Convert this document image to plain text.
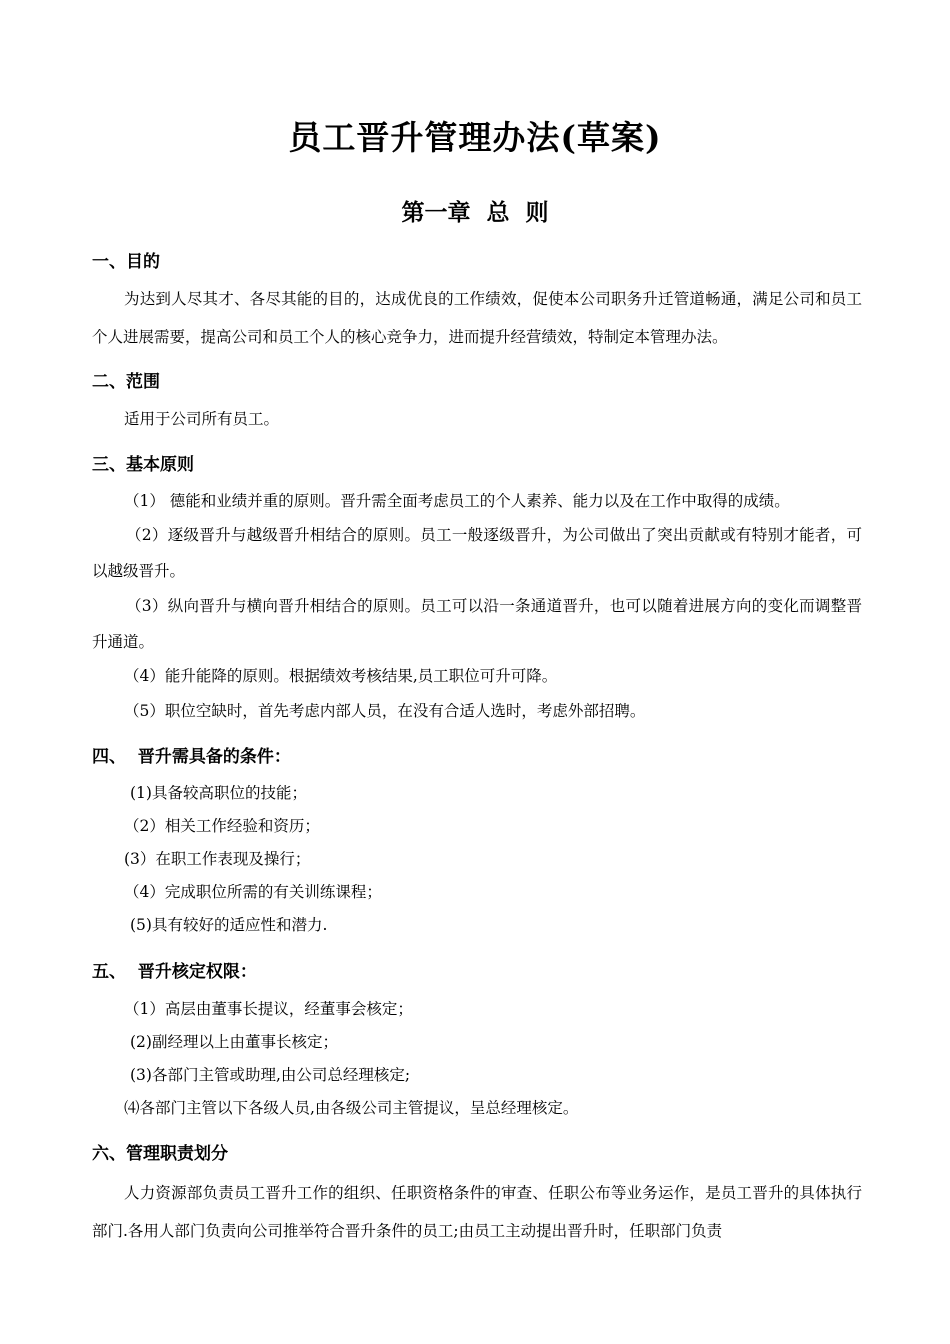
员工晋升管理办法(草案)
第一章  总  则
一、目的
为达到人尽其才、各尽其能的目的，达成优良的工作绩效，促使本公司职务升迁管道畅通，满足公司和员工个人进展需要，提高公司和员工个人的核心竞争力，进而提升经营绩效，特制定本管理办法。
二、范围
适用于公司所有员工。
三、基本原则
（1） 德能和业绩并重的原则。晋升需全面考虑员工的个人素养、能力以及在工作中取得的成绩。
（2）逐级晋升与越级晋升相结合的原则。员工一般逐级晋升，为公司做出了突出贡献或有特别才能者，可以越级晋升。
（3）纵向晋升与横向晋升相结合的原则。员工可以沿一条通道晋升，也可以随着进展方向的变化而调整晋升通道。
（4）能升能降的原则。根据绩效考核结果,员工职位可升可降。
（5）职位空缺时，首先考虑内部人员，在没有合适人选时，考虑外部招聘。
四、  晋升需具备的条件：
(1)具备较高职位的技能；
（2）相关工作经验和资历；
(3）在职工作表现及操行；
（4）完成职位所需的有关训练课程；
(5)具有较好的适应性和潜力.
五、  晋升核定权限：
（1）高层由董事长提议，经董事会核定；
(2)副经理以上由董事长核定；
(3)各部门主管或助理,由公司总经理核定;
⑷各部门主管以下各级人员,由各级公司主管提议，呈总经理核定。
六、管理职责划分
人力资源部负责员工晋升工作的组织、任职资格条件的审查、任职公布等业务运作，是员工晋升的具体执行部门.各用人部门负责向公司推举符合晋升条件的员工;由员工主动提出晋升时，任职部门负责
